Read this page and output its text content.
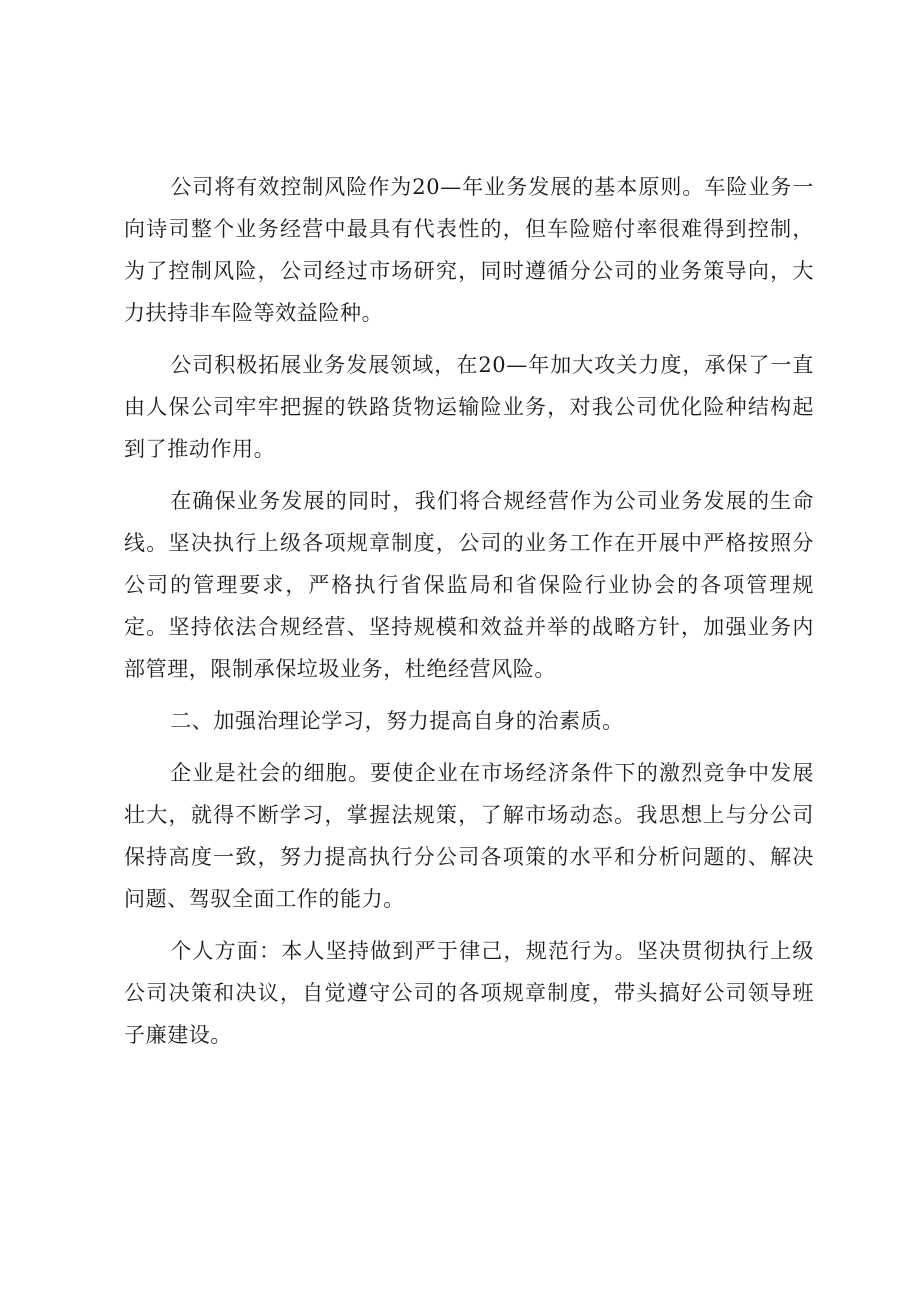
公司将有效控制风险作为20—年业务发展的基本原则。车险业务一向诗司整个业务经营中最具有代表性的，但车险赔付率很难得到控制，为了控制风险，公司经过市场研究，同时遵循分公司的业务策导向，大力扶持非车险等效益险种。

公司积极拓展业务发展领域，在20—年加大攻关力度，承保了一直由人保公司牢牢把握的铁路货物运输险业务，对我公司优化险种结构起到了推动作用。

在确保业务发展的同时，我们将合规经营作为公司业务发展的生命线。坚决执行上级各项规章制度，公司的业务工作在开展中严格按照分公司的管理要求，严格执行省保监局和省保险行业协会的各项管理规定。坚持依法合规经营、坚持规模和效益并举的战略方针，加强业务内部管理，限制承保垃圾业务，杜绝经营风险。

二、加强治理论学习，努力提高自身的治素质。

企业是社会的细胞。要使企业在市场经济条件下的激烈竞争中发展壮大，就得不断学习，掌握法规策，了解市场动态。我思想上与分公司保持高度一致，努力提高执行分公司各项策的水平和分析问题的、解决问题、驾驭全面工作的能力。

个人方面：本人坚持做到严于律己，规范行为。坚决贯彻执行上级公司决策和决议，自觉遵守公司的各项规章制度，带头搞好公司领导班子廉建设。
